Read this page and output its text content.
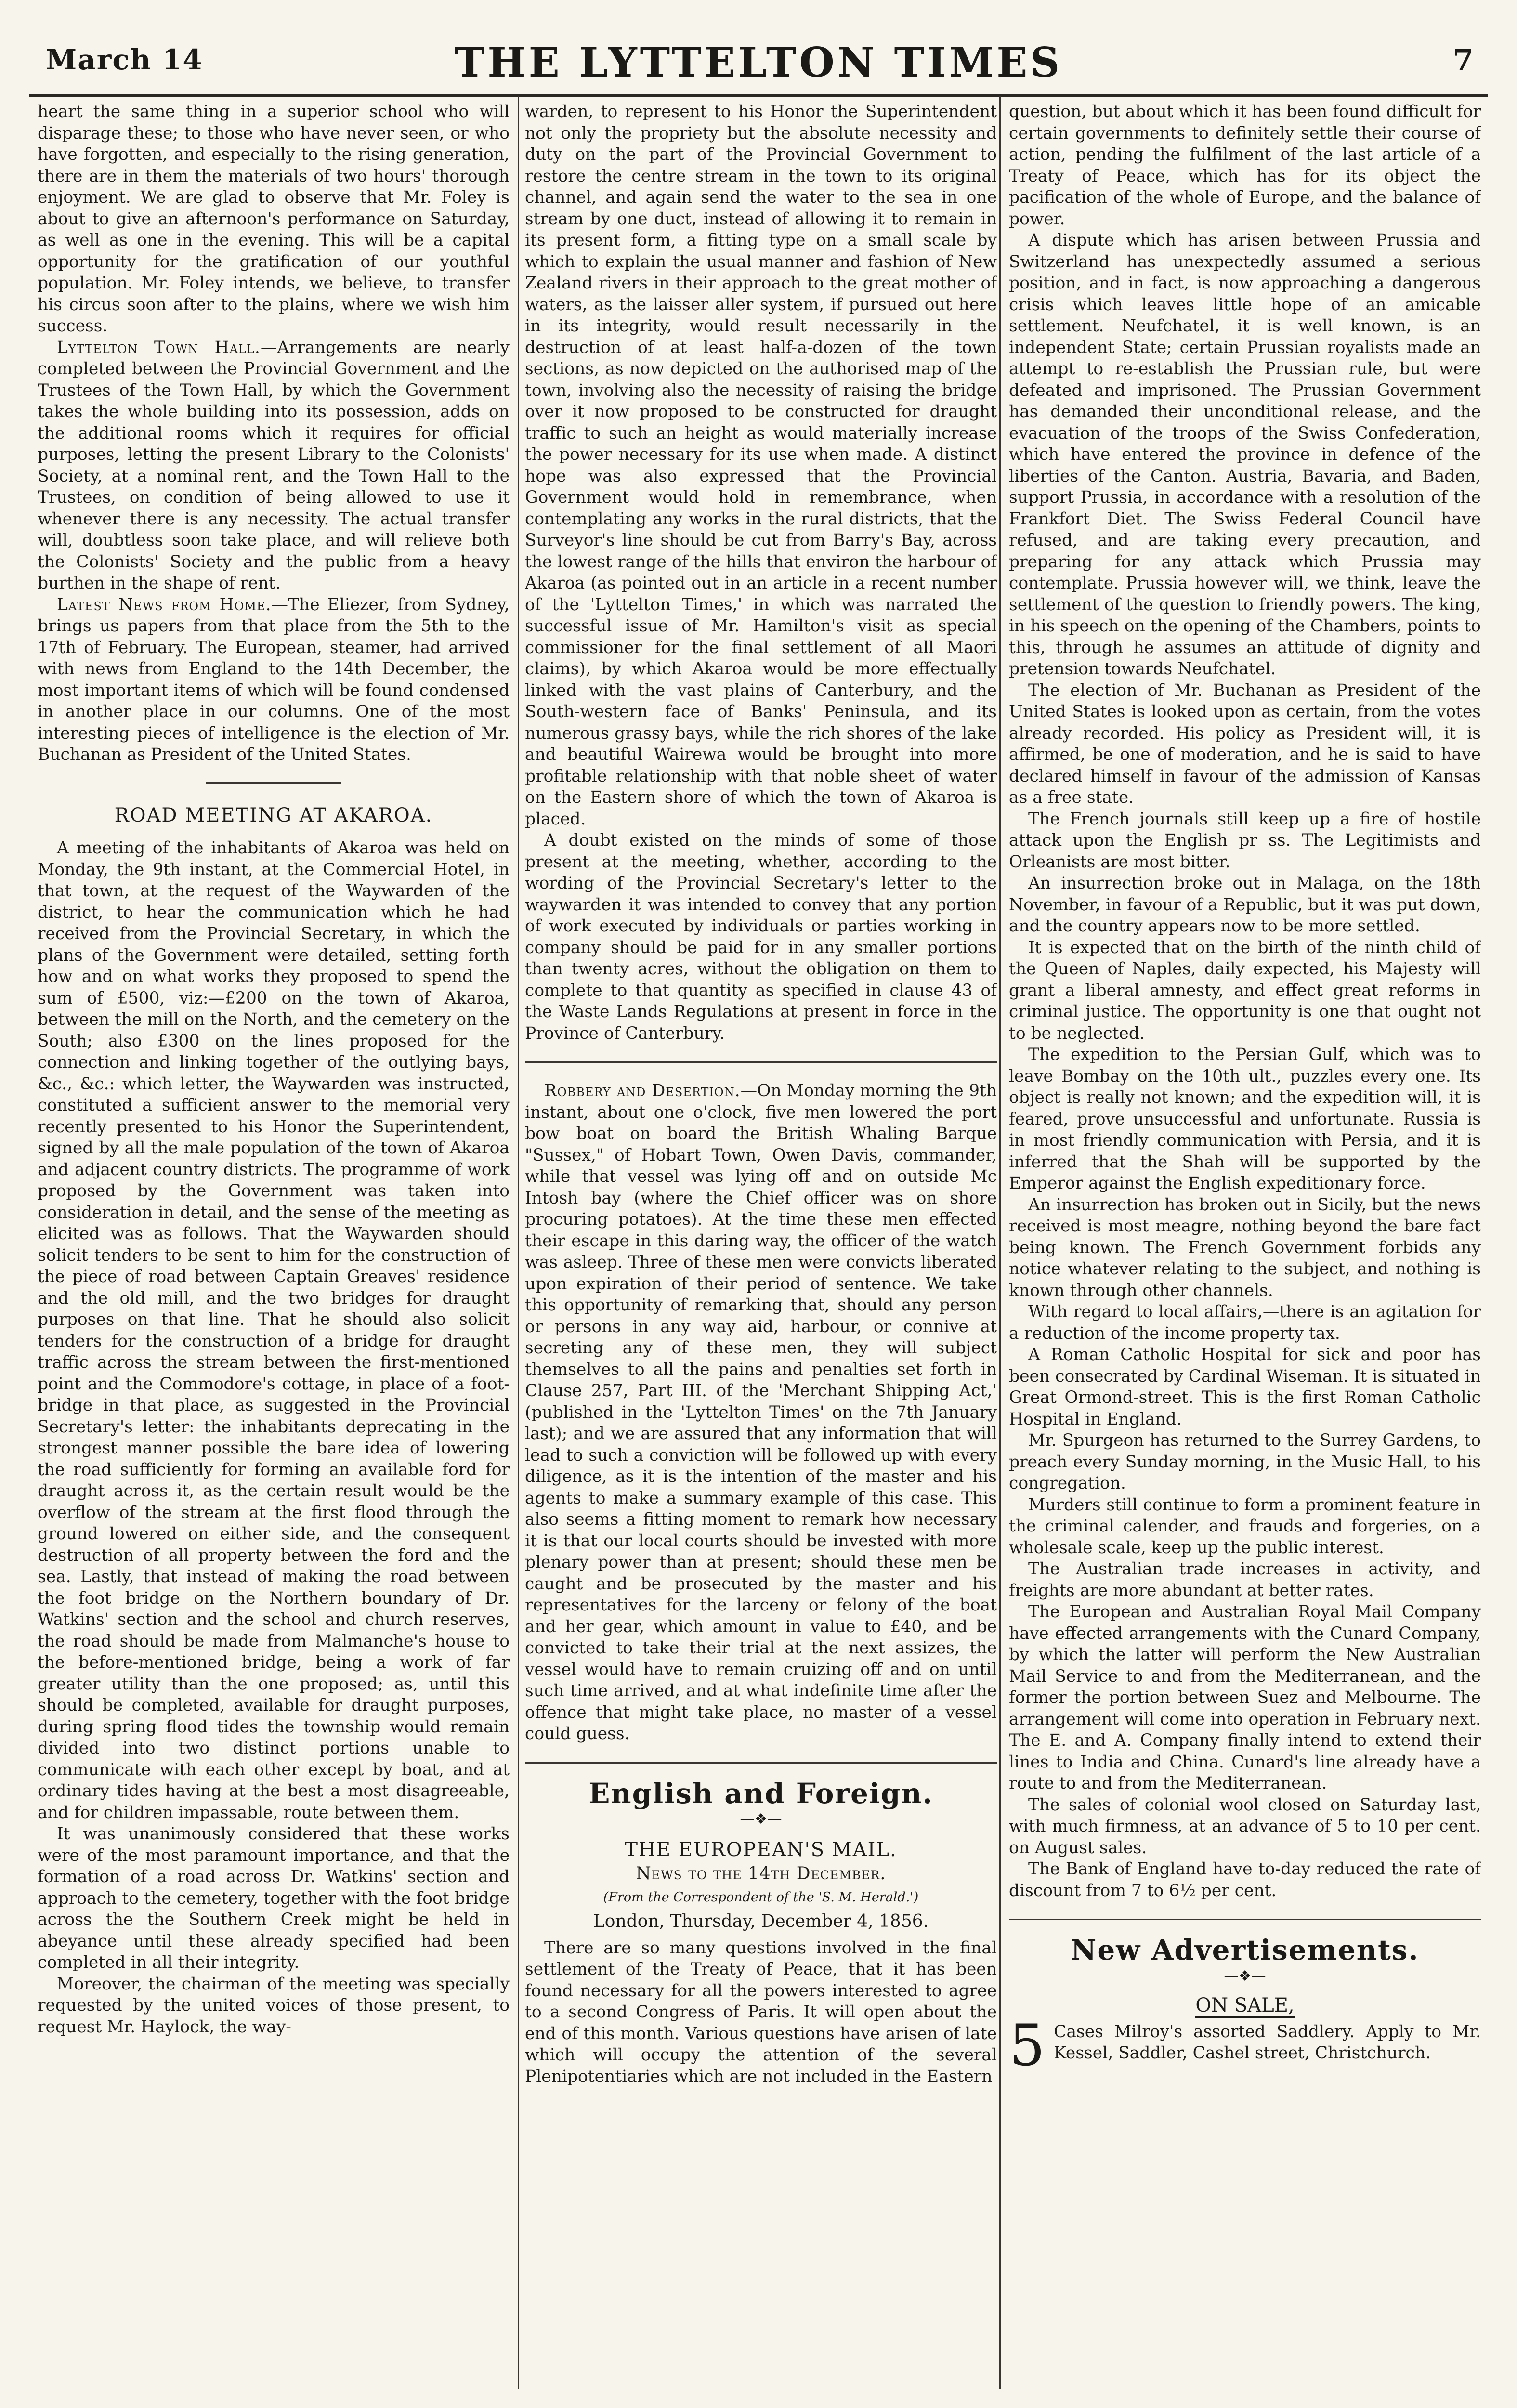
March 14	THE LYTTELTON TIMES	7

heart the same thing in a superior school who will disparage these; to those who have never seen, or who have forgotten, and especially to the rising generation, there are in them the materials of two hours' thorough enjoyment. We are glad to observe that Mr. Foley is about to give an afternoon's performance on Saturday, as well as one in the evening. This will be a capital opportunity for the gratification of our youthful population. Mr. Foley intends, we believe, to transfer his circus soon after to the plains, where we wish him success.

Lyttelton Town Hall.—Arrangements are nearly completed between the Provincial Government and the Trustees of the Town Hall, by which the Government takes the whole building into its possession, adds on the additional rooms which it requires for official purposes, letting the present Library to the Colonists' Society, at a nominal rent, and the Town Hall to the Trustees, on condition of being allowed to use it whenever there is any necessity. The actual transfer will, doubtless soon take place, and will relieve both the Colonists' Society and the public from a heavy burthen in the shape of rent.

Latest News from Home.—The Eliezer, from Sydney, brings us papers from that place from the 5th to the 17th of February. The European, steamer, had arrived with news from England to the 14th December, the most important items of which will be found condensed in another place in our columns. One of the most interesting pieces of intelligence is the election of Mr. Buchanan as President of the United States.

ROAD MEETING AT AKAROA.

A meeting of the inhabitants of Akaroa was held on Monday, the 9th instant, at the Commercial Hotel, in that town, at the request of the Waywarden of the district, to hear the communication which he had received from the Provincial Secretary, in which the plans of the Government were detailed, setting forth how and on what works they proposed to spend the sum of £500, viz:—£200 on the town of Akaroa, between the mill on the North, and the cemetery on the South; also £300 on the lines proposed for the connection and linking together of the outlying bays, &c., &c.: which letter, the Waywarden was instructed, constituted a sufficient answer to the memorial very recently presented to his Honor the Superintendent, signed by all the male population of the town of Akaroa and adjacent country districts. The programme of work proposed by the Government was taken into consideration in detail, and the sense of the meeting as elicited was as follows. That the Waywarden should solicit tenders to be sent to him for the construction of the piece of road between Captain Greaves' residence and the old mill, and the two bridges for draught purposes on that line. That he should also solicit tenders for the construction of a bridge for draught traffic across the stream between the first-mentioned point and the Commodore's cottage, in place of a foot-bridge in that place, as suggested in the Provincial Secretary's letter: the inhabitants deprecating in the strongest manner possible the bare idea of lowering the road sufficiently for forming an available ford for draught across it, as the certain result would be the overflow of the stream at the first flood through the ground lowered on either side, and the consequent destruction of all property between the ford and the sea. Lastly, that instead of making the road between the foot bridge on the Northern boundary of Dr. Watkins' section and the school and church reserves, the road should be made from Malmanche's house to the before-mentioned bridge, being a work of far greater utility than the one proposed; as, until this should be completed, available for draught purposes, during spring flood tides the township would remain divided into two distinct portions unable to communicate with each other except by boat, and at ordinary tides having at the best a most disagreeable, and for children impassable, route between them.

It was unanimously considered that these works were of the most paramount importance, and that the formation of a road across Dr. Watkins' section and approach to the cemetery, together with the foot bridge across the the Southern Creek might be held in abeyance until these already specified had been completed in all their integrity.

Moreover, the chairman of the meeting was specially requested by the united voices of those present, to request Mr. Haylock, the way-

warden, to represent to his Honor the Superintendent not only the propriety but the absolute necessity and duty on the part of the Provincial Government to restore the centre stream in the town to its original channel, and again send the water to the sea in one stream by one duct, instead of allowing it to remain in its present form, a fitting type on a small scale by which to explain the usual manner and fashion of New Zealand rivers in their approach to the great mother of waters, as the laisser aller system, if pursued out here in its integrity, would result necessarily in the destruction of at least half-a-dozen of the town sections, as now depicted on the authorised map of the town, involving also the necessity of raising the bridge over it now proposed to be constructed for draught traffic to such an height as would materially increase the power necessary for its use when made. A distinct hope was also expressed that the Provincial Government would hold in remembrance, when contemplating any works in the rural districts, that the Surveyor's line should be cut from Barry's Bay, across the lowest range of the hills that environ the harbour of Akaroa (as pointed out in an article in a recent number of the 'Lyttelton Times,' in which was narrated the successful issue of Mr. Hamilton's visit as special commissioner for the final settlement of all Maori claims), by which Akaroa would be more effectually linked with the vast plains of Canterbury, and the South-western face of Banks' Peninsula, and its numerous grassy bays, while the rich shores of the lake and beautiful Wairewa would be brought into more profitable relationship with that noble sheet of water on the Eastern shore of which the town of Akaroa is placed.

A doubt existed on the minds of some of those present at the meeting, whether, according to the wording of the Provincial Secretary's letter to the waywarden it was intended to convey that any portion of work executed by individuals or parties working in company should be paid for in any smaller portions than twenty acres, without the obligation on them to complete to that quantity as specified in clause 43 of the Waste Lands Regulations at present in force in the Province of Canterbury.

Robbery and Desertion.—On Monday morning the 9th instant, about one o'clock, five men lowered the port bow boat on board the British Whaling Barque "Sussex," of Hobart Town, Owen Davis, commander, while that vessel was lying off and on outside Mc Intosh bay (where the Chief officer was on shore procuring potatoes). At the time these men effected their escape in this daring way, the officer of the watch was asleep. Three of these men were convicts liberated upon expiration of their period of sentence. We take this opportunity of remarking that, should any person or persons in any way aid, harbour, or connive at secreting any of these men, they will subject themselves to all the pains and penalties set forth in Clause 257, Part III. of the 'Merchant Shipping Act,' (published in the 'Lyttelton Times' on the 7th January last); and we are assured that any information that will lead to such a conviction will be followed up with every diligence, as it is the intention of the master and his agents to make a summary example of this case. This also seems a fitting moment to remark how necessary it is that our local courts should be invested with more plenary power than at present; should these men be caught and be prosecuted by the master and his representatives for the larceny or felony of the boat and her gear, which amount in value to £40, and be convicted to take their trial at the next assizes, the vessel would have to remain cruizing off and on until such time arrived, and at what indefinite time after the offence that might take place, no master of a vessel could guess.

English and Foreign.
—❖—
THE EUROPEAN'S MAIL.
News to the 14th December.
(From the Correspondent of the 'S. M. Herald.')
London, Thursday, December 4, 1856.

There are so many questions involved in the final settlement of the Treaty of Peace, that it has been found necessary for all the powers interested to agree to a second Congress of Paris. It will open about the end of this month. Various questions have arisen of late which will occupy the attention of the several Plenipotentiaries which are not included in the Eastern

question, but about which it has been found difficult for certain governments to definitely settle their course of action, pending the fulfilment of the last article of a Treaty of Peace, which has for its object the pacification of the whole of Europe, and the balance of power.

A dispute which has arisen between Prussia and Switzerland has unexpectedly assumed a serious position, and in fact, is now approaching a dangerous crisis which leaves little hope of an amicable settlement. Neufchatel, it is well known, is an independent State; certain Prussian royalists made an attempt to re-establish the Prussian rule, but were defeated and imprisoned. The Prussian Government has demanded their unconditional release, and the evacuation of the troops of the Swiss Confederation, which have entered the province in defence of the liberties of the Canton. Austria, Bavaria, and Baden, support Prussia, in accordance with a resolution of the Frankfort Diet. The Swiss Federal Council have refused, and are taking every precaution, and preparing for any attack which Prussia may contemplate. Prussia however will, we think, leave the settlement of the question to friendly powers. The king, in his speech on the opening of the Chambers, points to this, through he assumes an attitude of dignity and pretension towards Neufchatel.

The election of Mr. Buchanan as President of the United States is looked upon as certain, from the votes already recorded. His policy as President will, it is affirmed, be one of moderation, and he is said to have declared himself in favour of the admission of Kansas as a free state.

The French journals still keep up a fire of hostile attack upon the English pr ss. The Legitimists and Orleanists are most bitter.

An insurrection broke out in Malaga, on the 18th November, in favour of a Republic, but it was put down, and the country appears now to be more settled.

It is expected that on the birth of the ninth child of the Queen of Naples, daily expected, his Majesty will grant a liberal amnesty, and effect great reforms in criminal justice. The opportunity is one that ought not to be neglected.

The expedition to the Persian Gulf, which was to leave Bombay on the 10th ult., puzzles every one. Its object is really not known; and the expedition will, it is feared, prove unsuccessful and unfortunate. Russia is in most friendly communication with Persia, and it is inferred that the Shah will be supported by the Emperor against the English expeditionary force.

An insurrection has broken out in Sicily, but the news received is most meagre, nothing beyond the bare fact being known. The French Government forbids any notice whatever relating to the subject, and nothing is known through other channels.

With regard to local affairs,—there is an agitation for a reduction of the income property tax.

A Roman Catholic Hospital for sick and poor has been consecrated by Cardinal Wiseman. It is situated in Great Ormond-street. This is the first Roman Catholic Hospital in England.

Mr. Spurgeon has returned to the Surrey Gardens, to preach every Sunday morning, in the Music Hall, to his congregation.

Murders still continue to form a prominent feature in the criminal calender, and frauds and forgeries, on a wholesale scale, keep up the public interest.

The Australian trade increases in activity, and freights are more abundant at better rates.

The European and Australian Royal Mail Company have effected arrangements with the Cunard Company, by which the latter will perform the New Australian Mail Service to and from the Mediterranean, and the former the portion between Suez and Melbourne. The arrangement will come into operation in February next. The E. and A. Company finally intend to extend their lines to India and China. Cunard's line already have a route to and from the Mediterranean.

The sales of colonial wool closed on Saturday last, with much firmness, at an advance of 5 to 10 per cent. on August sales.

The Bank of England have to-day reduced the rate of discount from 7 to 6½ per cent.

New Advertisements.
—❖—
ON SALE,
5 Cases Milroy's assorted Saddlery. Apply to Mr. Kessel, Saddler, Cashel street, Christchurch.
